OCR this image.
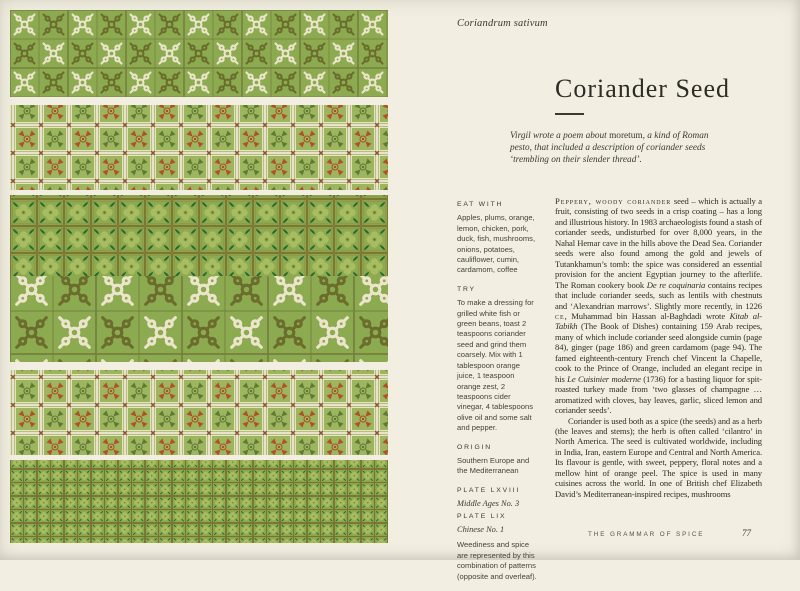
Coriandrum sativum
Coriander Seed
Virgil wrote a poem about moretum, a kind of Roman pesto, that included a description of coriander seeds ‘trembling on their slender thread’.
EAT WITH
Apples, plums, orange, lemon, chicken, pork, duck, fish, mushrooms, onions, potatoes, cauliflower, cumin, cardamom, coffee
TRY
To make a dressing for grilled white fish or green beans, toast 2 teaspoons coriander seed and grind them coarsely. Mix with 1 tablespoon orange juice, 1 teaspoon orange zest, 2 teaspoons cider vinegar, 4 tablespoons olive oil and some salt and pepper.
ORIGIN
Southern Europe and the Mediterranean
PLATE LXVIII
Middle Ages No. 3
PLATE LIX
Chinese No. 1
Weediness and spice are represented by this combination of patterns (opposite and overleaf).

Peppery, woody coriander seed – which is actually a fruit, consisting of two seeds in a crisp coating – has a long and illustrious history. In 1983 archaeologists found a stash of coriander seeds, undisturbed for over 8,000 years, in the Nahal Hemar cave in the hills above the Dead Sea. Coriander seeds were also found among the gold and jewels of Tutankhamun’s tomb: the spice was considered an essential provision for the ancient Egyptian journey to the afterlife. The Roman cookery book De re coquinaria contains recipes that include coriander seeds, such as lentils with chestnuts and ‘Alexandrian marrows’. Slightly more recently, in 1226 ce, Muhammad bin Hassan al-Baghdadi wrote Kitab al-Tabikh (The Book of Dishes) containing 159 Arab recipes, many of which include coriander seed alongside cumin (page 84), ginger (page 186) and green cardamom (page 94). The famed eighteenth-century French chef Vincent la Chapelle, cook to the Prince of Orange, included an elegant recipe in his Le Cuisinier moderne (1736) for a basting liquor for spit-roasted turkey made from ‘two glasses of champagne … aromatized with cloves, bay leaves, garlic, sliced lemon and coriander seeds’.

Coriander is used both as a spice (the seeds) and as a herb (the leaves and stems); the herb is often called ‘cilantro’ in North America. The seed is cultivated worldwide, including in India, Iran, eastern Europe and Central and North America. Its flavour is gentle, with sweet, peppery, floral notes and a mellow hint of orange peel. The spice is used in many cuisines across the world. In one of British chef Elizabeth David’s Mediterranean-inspired recipes, mushrooms

THE GRAMMAR OF SPICE	77
